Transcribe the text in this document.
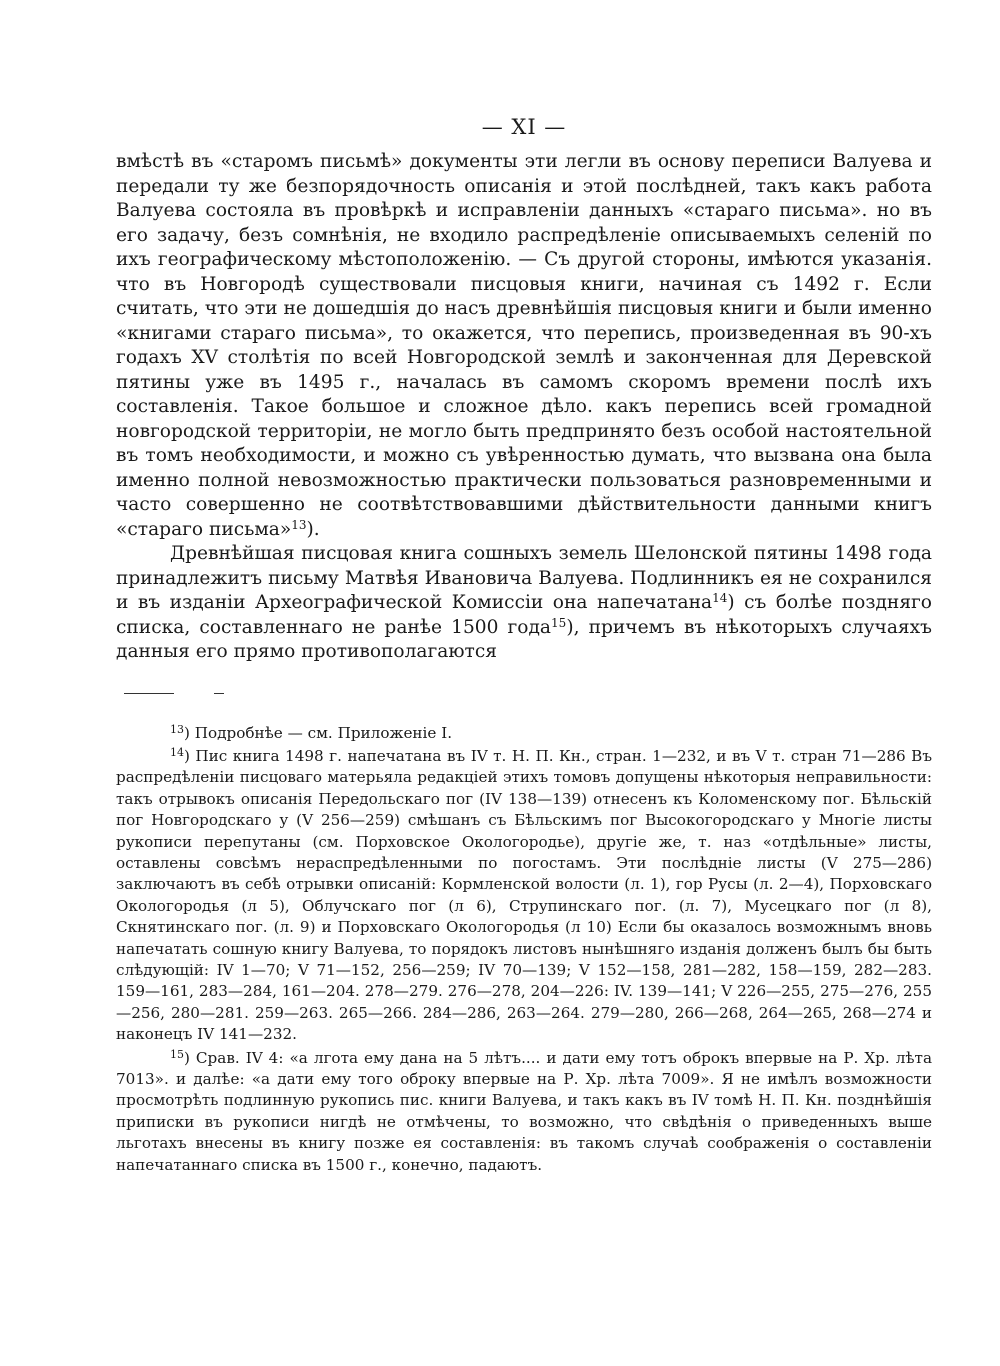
— XI —

вмѣстѣ въ «старомъ письмѣ» документы эти легли въ основу переписи Валуева и передали ту же безпорядочность описанія и этой послѣдней, такъ какъ работа Валуева состояла въ провѣркѣ и исправленіи данныхъ «стараго письма». но въ его задачу, безъ сомнѣнія, не входило распредѣленіе описываемыхъ селеній по ихъ географическому мѣстоположенію. — Съ другой стороны, имѣются указанія. что въ Новгородѣ существовали писцовыя книги, начиная съ 1492 г. Если считать, что эти не дошедшія до насъ древнѣйшія писцовыя книги и были именно «книгами стараго письма», то окажется, что перепись, произведенная въ 90-хъ годахъ XV столѣтія по всей Новгородской землѣ и законченная для Деревской пятины уже въ 1495 г., началась въ самомъ скоромъ времени послѣ ихъ составленія. Такое большое и сложное дѣло. какъ перепись всей громадной новгородской территоріи, не могло быть предпринято безъ особой настоятельной въ томъ необходимости, и можно съ увѣренностью думать, что вызвана она была именно полной невозможностью практически пользоваться разновременными и часто совершенно не соотвѣтствовавшими дѣйствительности данными книгъ «стараго письма»$^{13}$).

Древнѣйшая писцовая книга сошныхъ земель Шелонской пятины 1498 года принадлежитъ письму Матвѣя Ивановича Валуева. Подлинникъ ея не сохранился и въ изданіи Археографической Комиссіи она напечатана$^{14}$) съ болѣе поздняго списка, составленнаго не ранѣе 1500 года$^{15}$), причемъ въ нѣкоторыхъ случаяхъ данныя его прямо противополагаются

$^{13}$) Подробнѣе — см. Приложеніе I.

$^{14}$) Пис книга 1498 г. напечатана въ IV т. Н. П. Кн., стран. 1—232, и въ V т. стран 71—286 Въ распредѣленіи писцоваго матерьяла редакціей этихъ томовъ допущены нѣкоторыя неправильности: такъ отрывокъ описанія Передольскаго пог (IV 138—139) отнесенъ къ Коломенскому пог. Бѣльскій пог Новгородскаго у (V 256—259) смѣшанъ съ Бѣльскимъ пог Высокогородскаго у Многіе листы рукописи перепутаны (см. Порховское Окологородье), другіе же, т. наз «отдѣльные» листы, оставлены совсѣмъ нераспредѣленными по погостамъ. Эти послѣдніе листы (V 275—286) заключаютъ въ себѣ отрывки описаній: Кормленской волости (л. 1), гор Русы (л. 2—4), Порховскаго Окологородья (л 5), Облучскаго пог (л 6), Струпинскаго пог. (л. 7), Мусецкаго пог (л 8), Скнятинскаго пог. (л. 9) и Порховскаго Окологородья (л 10) Если бы оказалось возможнымъ вновь напечатать сошную книгу Валуева, то порядокъ листовъ нынѣшняго изданія долженъ былъ бы быть слѣдующій: IV 1—70; V 71—152, 256—259; IV 70—139; V 152—158, 281—282, 158—159, 282—283. 159—161, 283—284, 161—204. 278—279. 276—278, 204—226: IV. 139—141; V 226—255, 275—276, 255—256, 280—281. 259—263. 265—266. 284—286, 263—264. 279—280, 266—268, 264—265, 268—274 и наконецъ IV 141—232.

$^{15}$) Срав. IV 4: «а лгота ему дана на 5 лѣтъ.... и дати ему тотъ оброкъ впервые на Р. Хр. лѣта 7013». и далѣе: «а дати ему того оброку впервые на Р. Хр. лѣта 7009». Я не имѣлъ возможности просмотрѣть подлинную рукопись пис. книги Валуева, и такъ какъ въ IV томѣ Н. П. Кн. позднѣйшія приписки въ рукописи нигдѣ не отмѣчены, то возможно, что свѣдѣнія о приведенныхъ выше льготахъ внесены въ книгу позже ея составленія: въ такомъ случаѣ соображенія о составленіи напечатаннаго списка въ 1500 г., конечно, падаютъ.
